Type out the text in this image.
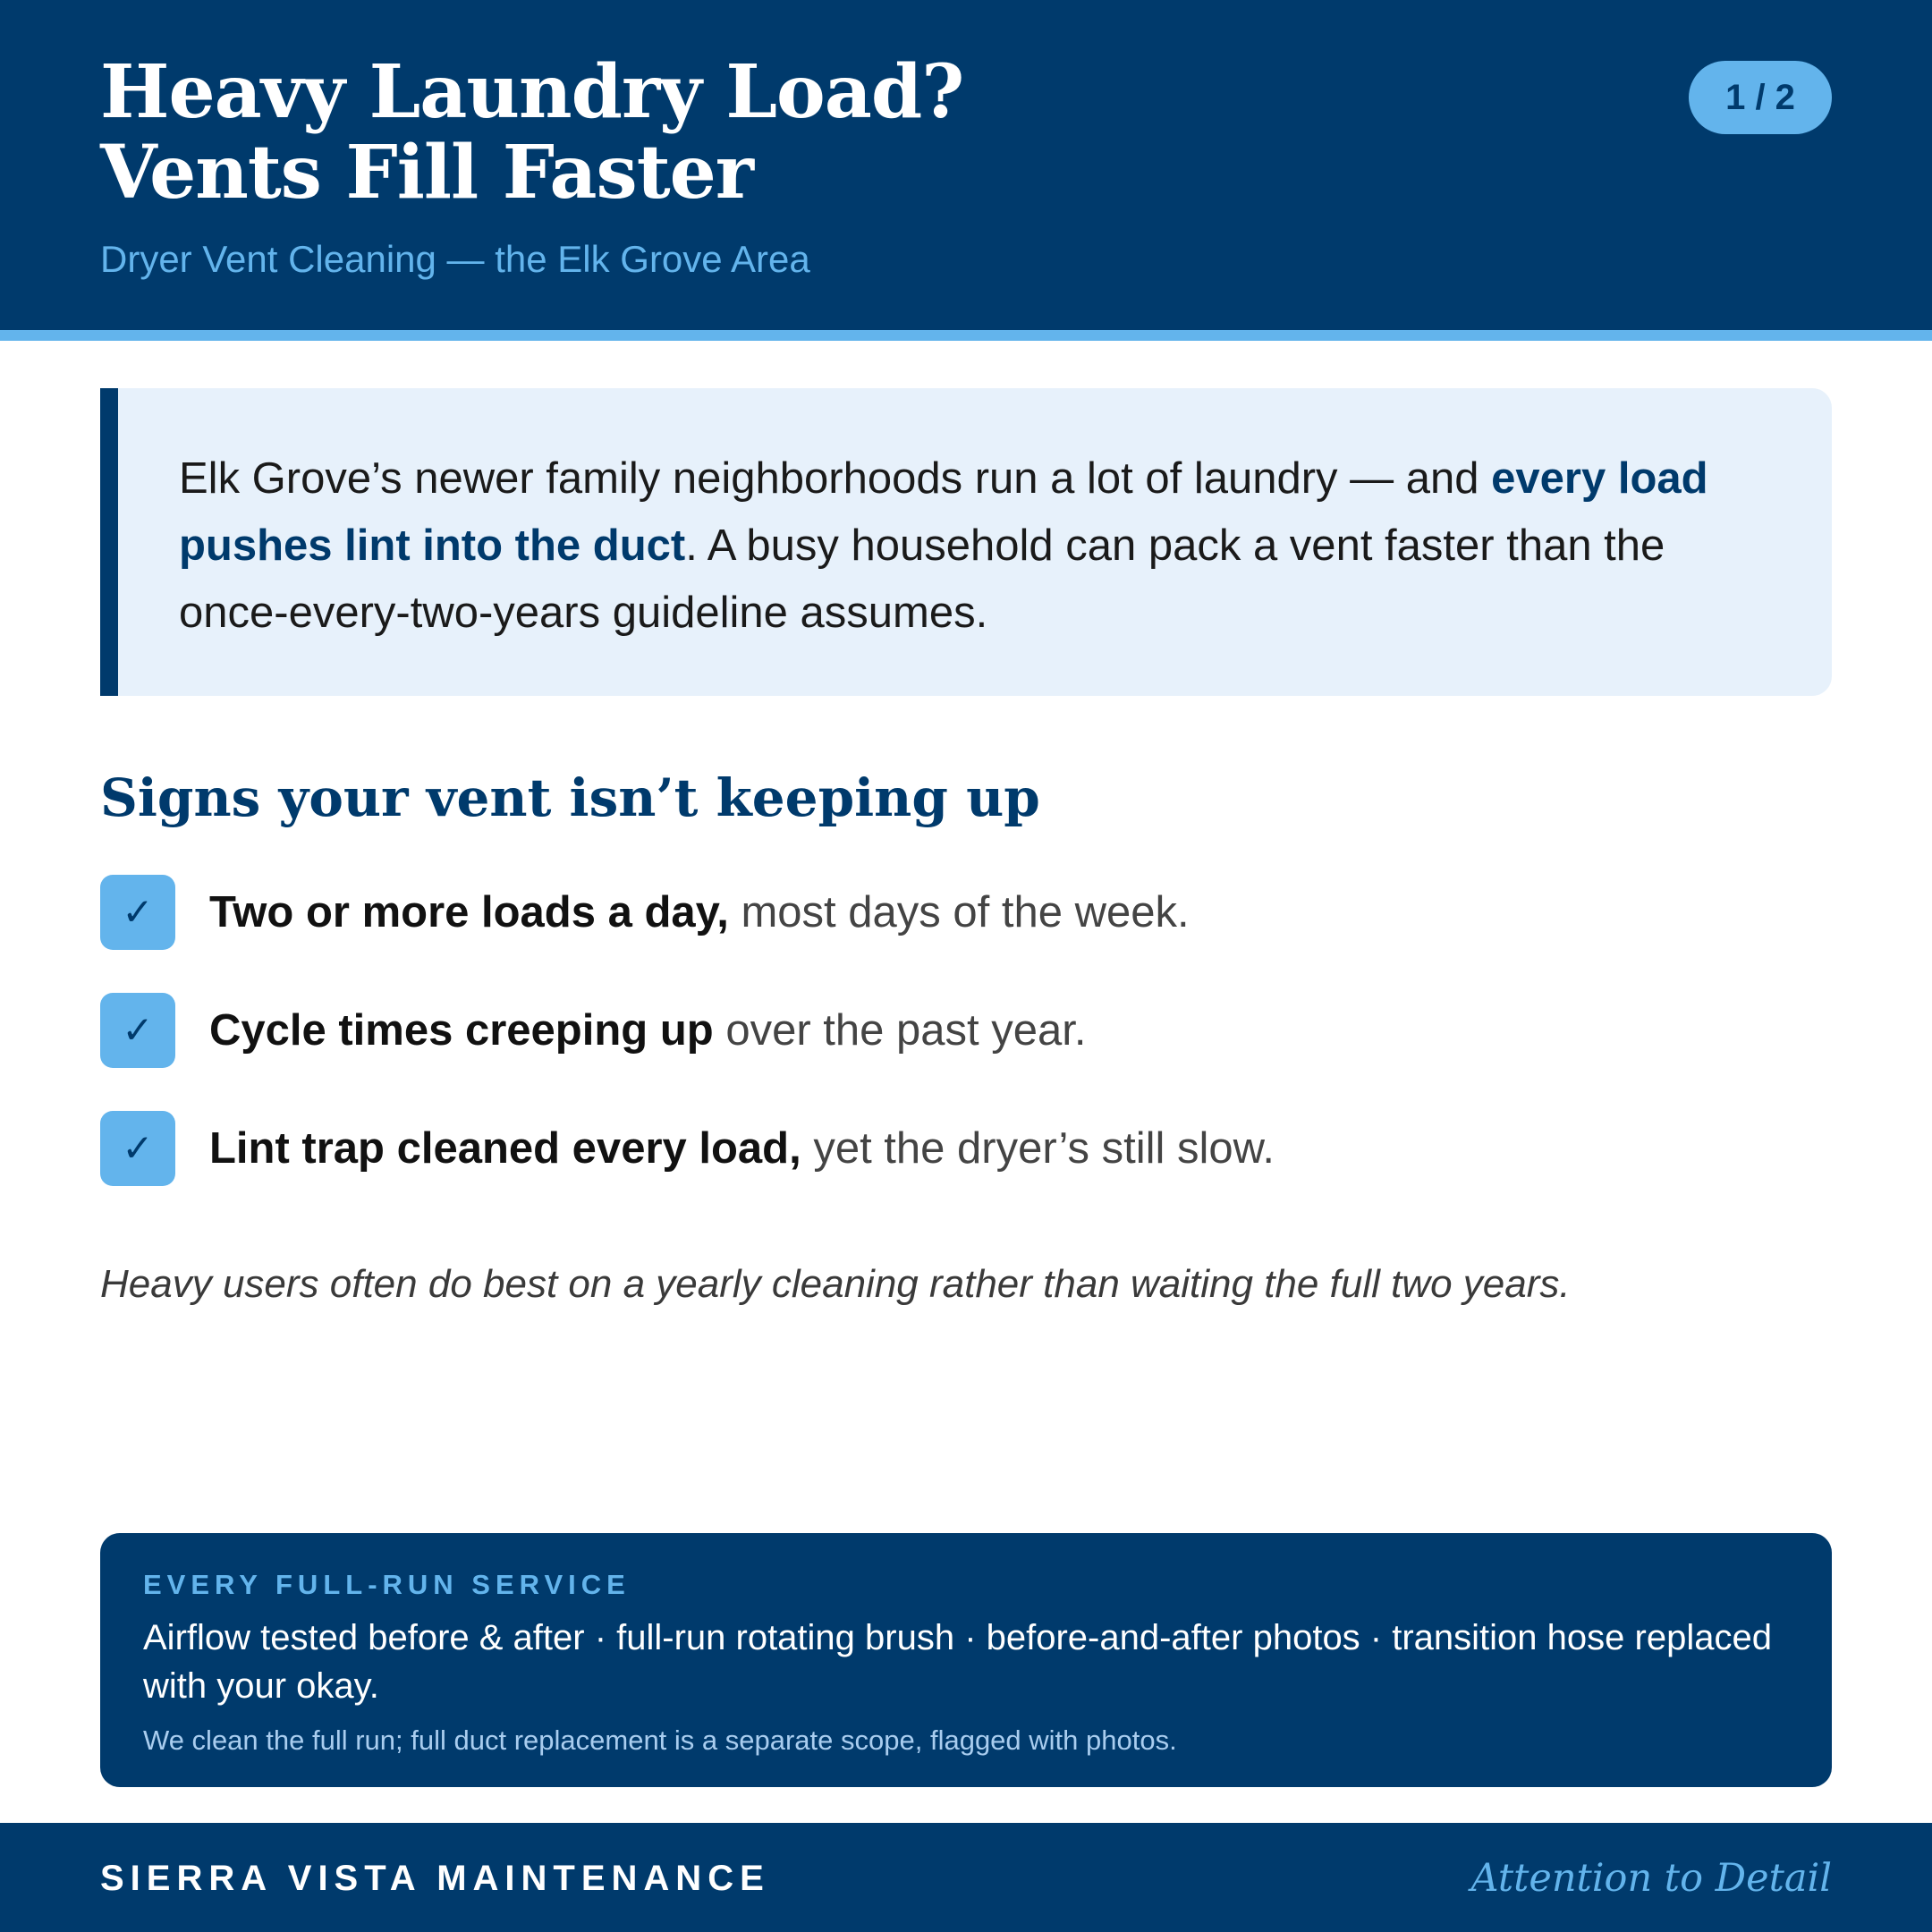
Heavy Laundry Load?
Vents Fill Faster
Dryer Vent Cleaning — the Elk Grove Area
1 / 2
Elk Grove’s newer family neighborhoods run a lot of laundry — and every load pushes lint into the duct. A busy household can pack a vent faster than the once-every-two-years guideline assumes.
Signs your vent isn’t keeping up
✓	Two or more loads a day, most days of the week.
✓	Cycle times creeping up over the past year.
✓	Lint trap cleaned every load, yet the dryer’s still slow.
Heavy users often do best on a yearly cleaning rather than waiting the full two years.
EVERY FULL-RUN SERVICE
Airflow tested before & after · full-run rotating brush · before-and-after photos · transition hose replaced with your okay.
We clean the full run; full duct replacement is a separate scope, flagged with photos.
SIERRA VISTA MAINTENANCE	Attention to Detail
